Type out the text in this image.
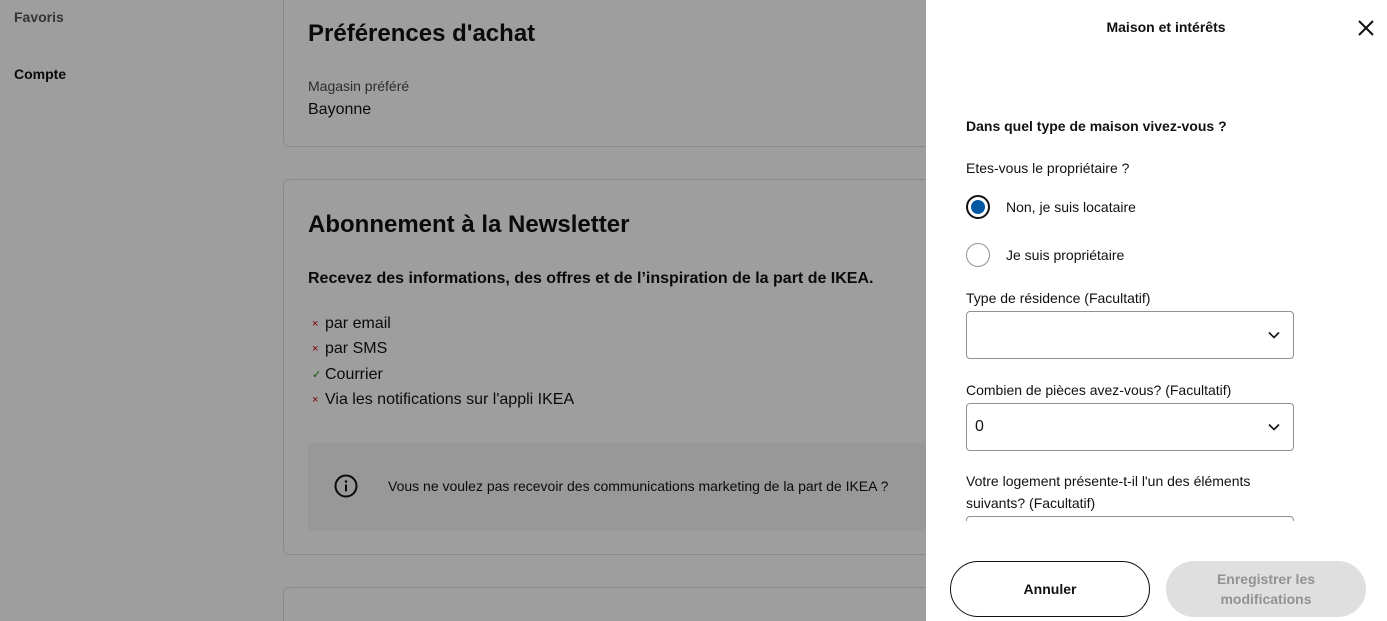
Favoris
Compte
Préférences d'achat
Magasin préféré
Bayonne
Abonnement à la Newsletter

Recevez des informations, des offres et de l’inspiration de la part de IKEA.

× par email
× par SMS
✓ Courrier
× Via les notifications sur l'appli IKEA
Vous ne voulez pas recevoir des communications marketing de la part de IKEA ?
Maison et intérêts

Dans quel type de maison vivez-vous ?

Etes-vous le propriétaire ?

Non, je suis locataire
Je suis propriétaire
Type de résidence (Facultatif)
Combien de pièces avez-vous? (Facultatif)
0
Votre logement présente-t-il l'un des éléments suivants? (Facultatif)
Annuler
Enregistrer les modifications
